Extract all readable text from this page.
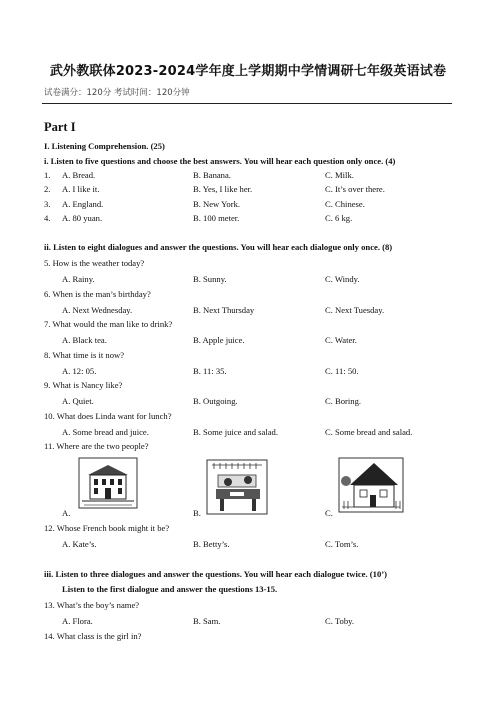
武外教联体2023-2024学年度上学期期中学情调研七年级英语试卷
试卷满分：120分 考试时间：120分钟
Part I
I. Listening Comprehension. (25)
i. Listen to five questions and choose the best answers. You will hear each question only once. (4)
1. A. Bread.	B. Banana.	C. Milk.
2. A. I like it.	B. Yes, I like her.	C. It’s over there.
3. A. England.	B. New York.	C. Chinese.
4. A. 80 yuan.	B. 100 meter.	C. 6 kg.
ii. Listen to eight dialogues and answer the questions. You will hear each dialogue only once. (8)
5. How is the weather today?
A. Rainy.	B. Sunny.	C. Windy.
6. When is the man’s birthday?
A. Next Wednesday.	B. Next Thursday	C. Next Tuesday.
7. What would the man like to drink?
A. Black tea.	B. Apple juice.	C. Water.
8. What time is it now?
A. 12: 05.	B. 11: 35.	C. 11: 50.
9. What is Nancy like?
A. Quiet.	B. Outgoing.	C. Boring.
10. What does Linda want for lunch?
A. Some bread and juice.	B. Some juice and salad.	C. Some bread and salad.
11. Where are the two people?
A.	B.	C.
12. Whose French book might it be?
A. Kate’s.	B. Betty’s.	C. Tom’s.
iii. Listen to three dialogues and answer the questions. You will hear each dialogue twice. (10’)
Listen to the first dialogue and answer the questions 13-15.
13. What’s the boy’s name?
A. Flora.	B. Sam.	C. Toby.
14. What class is the girl in?
